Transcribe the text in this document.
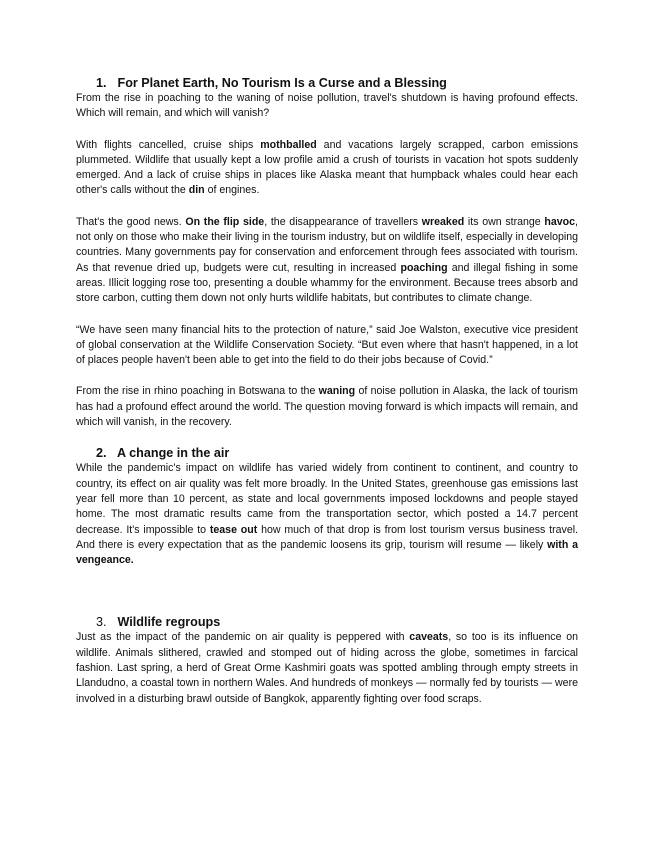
1. For Planet Earth, No Tourism Is a Curse and a Blessing

From the rise in poaching to the waning of noise pollution, travel's shutdown is having profound effects. Which will remain, and which will vanish?

With flights cancelled, cruise ships mothballed and vacations largely scrapped, carbon emissions plummeted. Wildlife that usually kept a low profile amid a crush of tourists in vacation hot spots suddenly emerged. And a lack of cruise ships in places like Alaska meant that humpback whales could hear each other's calls without the din of engines.

That's the good news. On the flip side, the disappearance of travellers wreaked its own strange havoc, not only on those who make their living in the tourism industry, but on wildlife itself, especially in developing countries. Many governments pay for conservation and enforcement through fees associated with tourism. As that revenue dried up, budgets were cut, resulting in increased poaching and illegal fishing in some areas. Illicit logging rose too, presenting a double whammy for the environment. Because trees absorb and store carbon, cutting them down not only hurts wildlife habitats, but contributes to climate change.

“We have seen many financial hits to the protection of nature,” said Joe Walston, executive vice president of global conservation at the Wildlife Conservation Society. “But even where that hasn't happened, in a lot of places people haven't been able to get into the field to do their jobs because of Covid.”

From the rise in rhino poaching in Botswana to the waning of noise pollution in Alaska, the lack of tourism has had a profound effect around the world. The question moving forward is which impacts will remain, and which will vanish, in the recovery.

2. A change in the air

While the pandemic's impact on wildlife has varied widely from continent to continent, and country to country, its effect on air quality was felt more broadly. In the United States, greenhouse gas emissions last year fell more than 10 percent, as state and local governments imposed lockdowns and people stayed home. The most dramatic results came from the transportation sector, which posted a 14.7 percent decrease. It's impossible to tease out how much of that drop is from lost tourism versus business travel. And there is every expectation that as the pandemic loosens its grip, tourism will resume — likely with a vengeance.

3. Wildlife regroups

Just as the impact of the pandemic on air quality is peppered with caveats, so too is its influence on wildlife. Animals slithered, crawled and stomped out of hiding across the globe, sometimes in farcical fashion. Last spring, a herd of Great Orme Kashmiri goats was spotted ambling through empty streets in Llandudno, a coastal town in northern Wales. And hundreds of monkeys — normally fed by tourists — were involved in a disturbing brawl outside of Bangkok, apparently fighting over food scraps.
